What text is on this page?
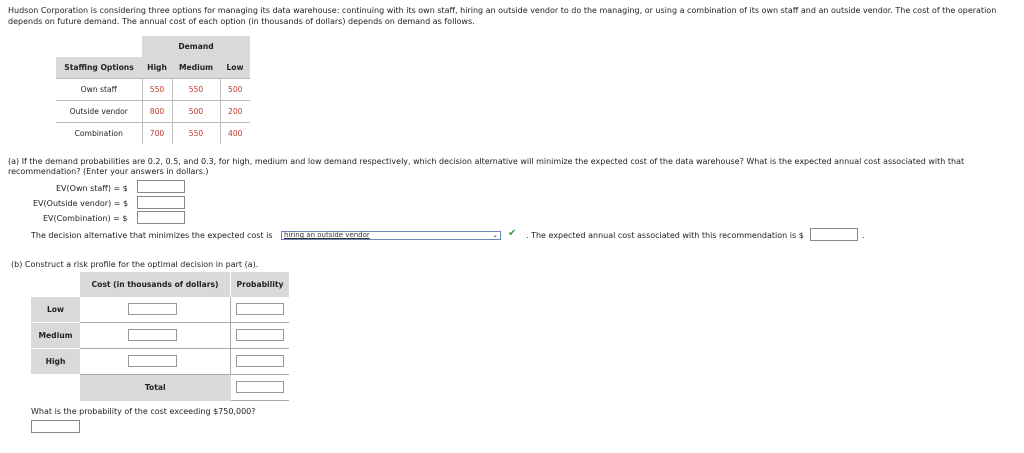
Hudson Corporation is considering three options for managing its data warehouse: continuing with its own staff, hiring an outside vendor to do the managing, or using a combination of its own staff and an outside vendor. The cost of the operation depends on future demand. The annual cost of each option (in thousands of dollars) depends on demand as follows.
	Demand		
Staffing Options	High	Medium	Low
Own staff	550	550	500
Outside vendor	800	500	200
Combination	700	550	400
(a) If the demand probabilities are 0.2, 0.5, and 0.3, for high, medium and low demand respectively, which decision alternative will minimize the expected cost of the data warehouse? What is the expected annual cost associated with that recommendation? (Enter your answers in dollars.)
EV(Own staff) = $
EV(Outside vendor) = $
EV(Combination) = $
The decision alternative that minimizes the expected cost is	hiring an outside vendor	⌄ ✔ . The expected annual cost associated with this recommendation is $	.
(b) Construct a risk profile for the optimal decision in part (a).
	Cost (in thousands of dollars)	Probability
Low	

Medium	

High	

	Total	
What is the probability of the cost exceeding $750,000?
